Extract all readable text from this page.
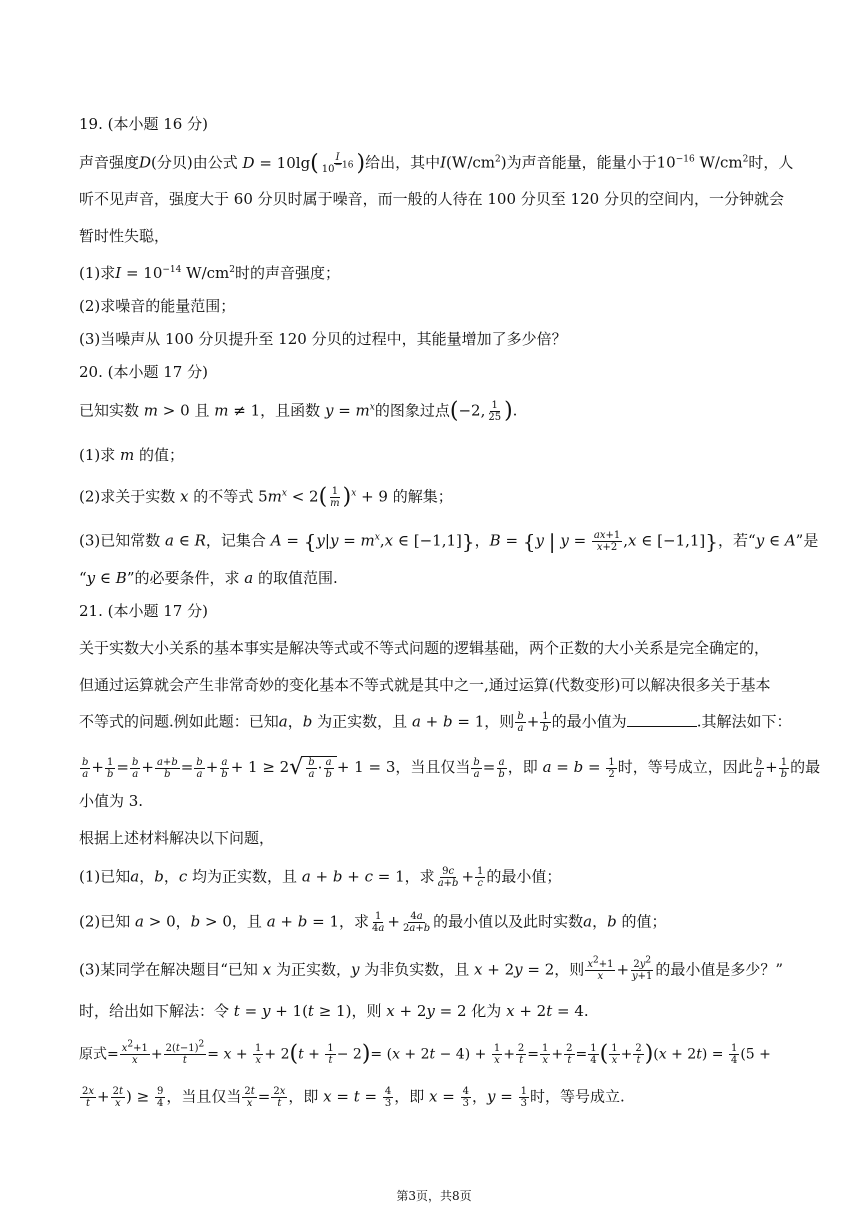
19. (本小题 16 分)
声音强度D(分贝)由公式 $D = 10\lg( \frac{I}{10^{-16}}$ )给出，其中$I(W/cm^2)$为声音能量，能量小于$10^{-16}$ $W/cm^2$时，人
听不见声音，强度大于 60 分贝时属于噪音，而一般的人待在 100 分贝至 120 分贝的空间内，一分钟就会
暂时性失聪，
(1)求$I = 10^{-14}$ $W/cm^2$时的声音强度；
(2)求噪音的能量范围；
(3)当噪声从 100 分贝提升至 120 分贝的过程中，其能量增加了多少倍？
20. (本小题 17 分)
已知实数 m > 0 且 m ≠ 1，且函数 $y = m^x$的图象过点(−2, $\frac{1}{25}$ ).
(1)求 m 的值；
(2)求关于实数 x 的不等式 $5m^x < 2( \frac{1}{m} )^x + 9$ 的解集；
(3)已知常数 a ∈ R，记集合 $A = \{y|y = m^x,x$ ∈ [−1,1]}，B = {y | $y = \frac{ax+1}{x+2} ,x$ ∈ [−1,1]}，若“y ∈ A”是
“y ∈ B”的必要条件，求 a 的取值范围.
21. (本小题 17 分)
关于实数大小关系的基本事实是解决等式或不等式问题的逻辑基础，两个正数的大小关系是完全确定的，
但通过运算就会产生非常奇妙的变化基本不等式就是其中之一,通过运算(代数变形)可以解决很多关于基本
不等式的问题.例如此题：已知a，b 为正实数，且 a + b = 1，则 $\frac{b}{a} + \frac{1}{b}$ 的最小值为	.其解法如下：
$\frac{b}{a} + \frac{1}{b} = \frac{b}{a} + \frac{a+b}{b} = \frac{b}{a} + \frac{a}{b} + 1 \ge 2√ \frac{b}{a} \cdot \frac{a}{b} + 1 = 3$，当且仅当 $\frac{b}{a} = \frac{a}{b}$ ，即 $a = b = \frac{1}{2}$ 时，等号成立，因此 $\frac{b}{a} + \frac{1}{b}$ 的最
小值为 3.
根据上述材料解决以下问题，
(1)已知a，b，c 均为正实数，且 a + b + c = 1，求 $\frac{9c}{a+b} + \frac{1}{c}$ 的最小值；
(2)已知 a > 0，b > 0，且 a + b = 1，求 $\frac{1}{4a} + \frac{4a}{2a+b}$ 的最小值以及此时实数a，b 的值；
(3)某同学在解决题目“已知 x 为正实数，y 为非负实数，且 x + 2y = 2，则 $\frac{x^2+1}{x} + \frac{2y^2}{y+1}$ 的最小值是多少？”
时，给出如下解法：令 t = y + 1(t ≥ 1)，则 x + 2y = 2 化为 x + 2t = 4.
原式= $\frac{x^2+1}{x} + \frac{2(t-1)^2}{t} = x + \frac{1}{x} + 2(t + \frac{1}{t} - 2)= (x + 2t - 4) + \frac{1}{x} + \frac{2}{t} = \frac{1}{x} + \frac{2}{t} = \frac{1}{4}$ ( $\frac{1}{x} + \frac{2}{t} )(x + 2t) = \frac{1}{4} (5$ +
$\frac{2x}{t} + \frac{2t}{x}$ ) ≥ $\frac{9}{4}$ ，当且仅当 $\frac{2t}{x} = \frac{2x}{t}$ ，即 $x = t = \frac{4}{3}$ ，即 $x = \frac{4}{3}$ ，$y = \frac{1}{3}$ 时，等号成立.
第3页，共8页
